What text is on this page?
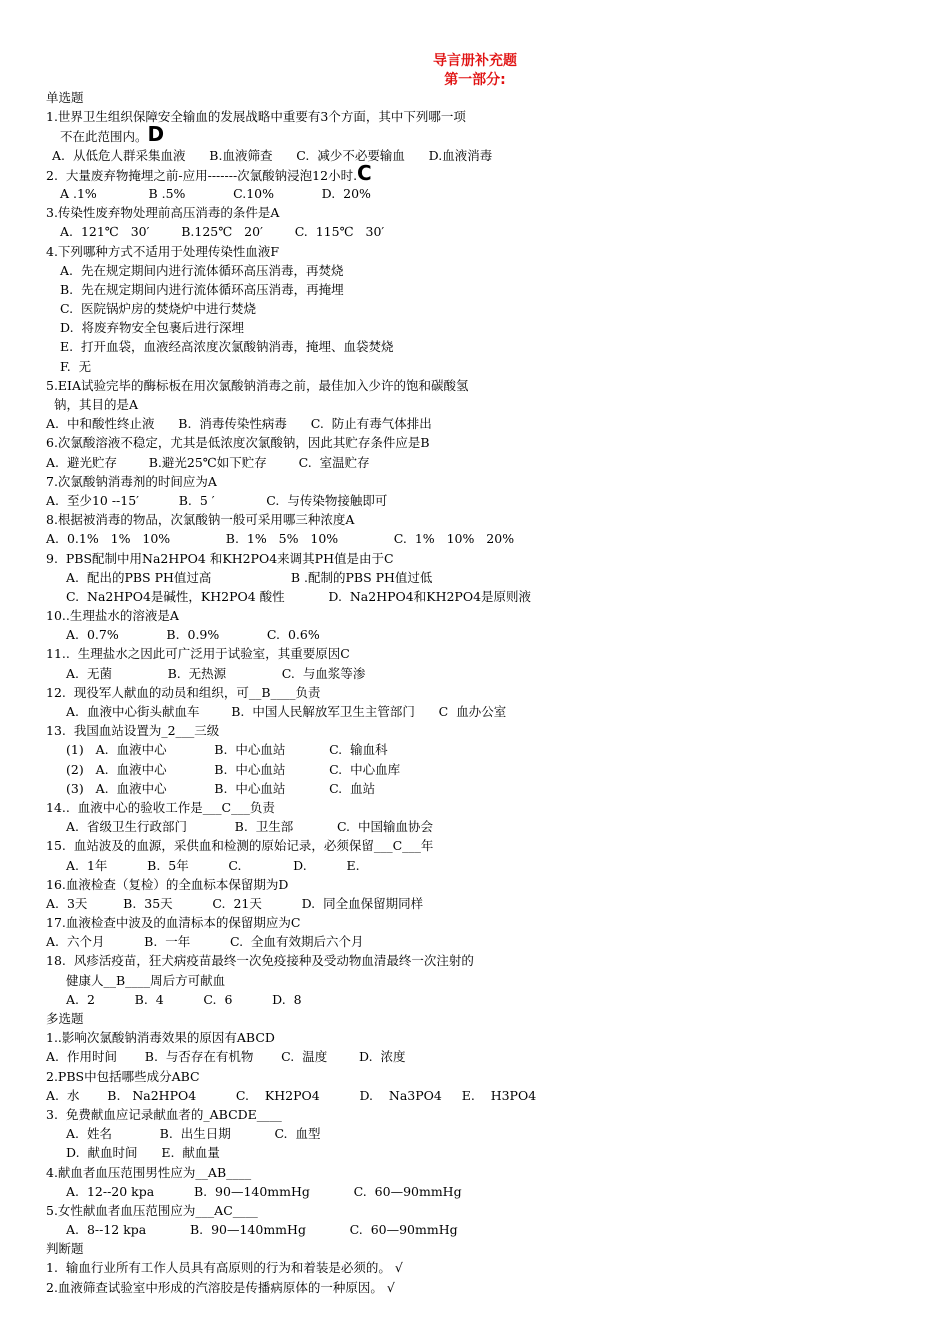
导言册补充题
第一部分:
单选题
1.世界卫生组织保障安全输血的发展战略中重要有3个方面，其中下列哪一项
不在此范围内。D
A.  从低危人群采集血液      B.血液筛查      C.  减少不必要输血      D.血液消毒
2.  大量废弃物掩埋之前-应用-------次氯酸钠浸泡12小时.C
A .1%             B .5%            C.10%            D.  20%
3.传染性废弃物处理前高压消毒的条件是A
A.  121℃   30′        B.125℃   20′        C.  115℃   30′
4.下列哪种方式不适用于处理传染性血液F
A.  先在规定期间内进行流体循环高压消毒，再焚烧
B.  先在规定期间内进行流体循环高压消毒，再掩埋
C.  医院锅炉房的焚烧炉中进行焚烧
D.  将废弃物安全包裹后进行深埋
E.  打开血袋，血液经高浓度次氯酸钠消毒，掩埋、血袋焚烧
F.  无
5.EIA试验完毕的酶标板在用次氯酸钠消毒之前，最佳加入少许的饱和碳酸氢
钠，其目的是A
A.  中和酸性终止液      B.  消毒传染性病毒      C.  防止有毒气体排出
6.次氯酸溶液不稳定，尤其是低浓度次氯酸钠，因此其贮存条件应是B
A.  避光贮存        B.避光25℃如下贮存        C.  室温贮存
7.次氯酸钠消毒剂的时间应为A
A.  至少10 --15′          B.  5 ′             C.  与传染物接触即可
8.根据被消毒的物品，次氯酸钠一般可采用哪三种浓度A
A.  0.1%   1%   10%              B.  1%   5%   10%              C.  1%   10%   20%
9.  PBS配制中用Na2HPO4 和KH2PO4来调其PH值是由于C
A.  配出的PBS PH值过高                    B .配制的PBS PH值过低
C.  Na2HPO4是碱性，KH2PO4 酸性           D.  Na2HPO4和KH2PO4是原则液
10..生理盐水的溶液是A
A.  0.7%            B.  0.9%            C.  0.6%
11..  生理盐水之因此可广泛用于试验室，其重要原因C
A.  无菌              B.  无热源              C.  与血浆等渗
12.  现役军人献血的动员和组织，可__B____负责
A.  血液中心街头献血车        B.  中国人民解放军卫生主管部门      C  血办公室
13.  我国血站设置为_2___三级
(1)   A.  血液中心            B.  中心血站           C.  输血科
(2)   A.  血液中心            B.  中心血站           C.  中心血库
(3)   A.  血液中心            B.  中心血站           C.  血站
14..  血液中心的验收工作是___C___负责
A.  省级卫生行政部门            B.  卫生部           C.  中国输血协会
15.  血站波及的血源，采供血和检测的原始记录，必须保留___C___年
A.  1年          B.  5年          C.             D.          E.
16.血液检查（复检）的全血标本保留期为D
A.  3天         B.  35天          C.  21天          D.  同全血保留期同样
17.血液检查中波及的血清标本的保留期应为C
A.  六个月          B.  一年          C.  全血有效期后六个月
18.  风疹活疫苗，狂犬病疫苗最终一次免疫接种及受动物血清最终一次注射的
健康人__B____周后方可献血
A.  2          B.  4          C.  6          D.  8
多选题
1..影响次氯酸钠消毒效果的原因有ABCD
A.  作用时间       B.  与否存在有机物       C.  温度        D.  浓度
2.PBS中包括哪些成分ABC
A.  水       B.   Na2HPO4          C.    KH2PO4          D.    Na3PO4     E.    H3PO4
3.  免费献血应记录献血者的_ABCDE____
A.  姓名            B.  出生日期           C.  血型
D.  献血时间      E.  献血量
4.献血者血压范围男性应为__AB____
A.  12--20 kpa          B.  90—140mmHg           C.  60—90mmHg
5.女性献血者血压范围应为___AC____
A.  8--12 kpa           B.  90—140mmHg           C.  60—90mmHg
判断题
1.  输血行业所有工作人员具有高原则的行为和着装是必须的。 √
2.血液筛查试验室中形成的汽溶胶是传播病原体的一种原因。 √
